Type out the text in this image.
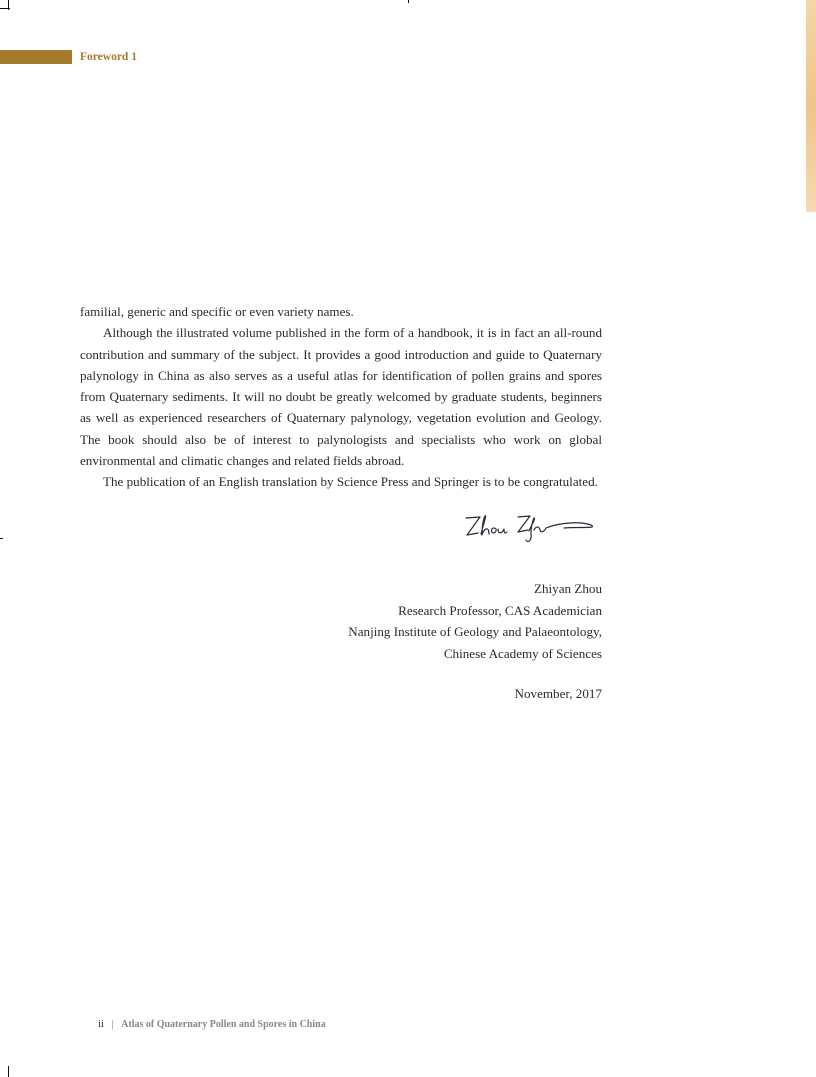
Foreword 1

familial, generic and specific or even variety names.

Although the illustrated volume published in the form of a handbook, it is in fact an all-round contribution and summary of the subject. It provides a good introduction and guide to Quaternary palynology in China as also serves as a useful atlas for identification of pollen grains and spores from Quaternary sediments. It will no doubt be greatly welcomed by graduate students, beginners as well as experienced researchers of Quaternary palynology, vegetation evolution and Geology. The book should also be of interest to palynologists and specialists who work on global environmental and climatic changes and related fields abroad.

The publication of an English translation by Science Press and Springer is to be congratulated.

Zhiyan Zhou
Research Professor, CAS Academician
Nanjing Institute of Geology and Palaeontology,
Chinese Academy of Sciences
November, 2017
ii | Atlas of Quaternary Pollen and Spores in China
